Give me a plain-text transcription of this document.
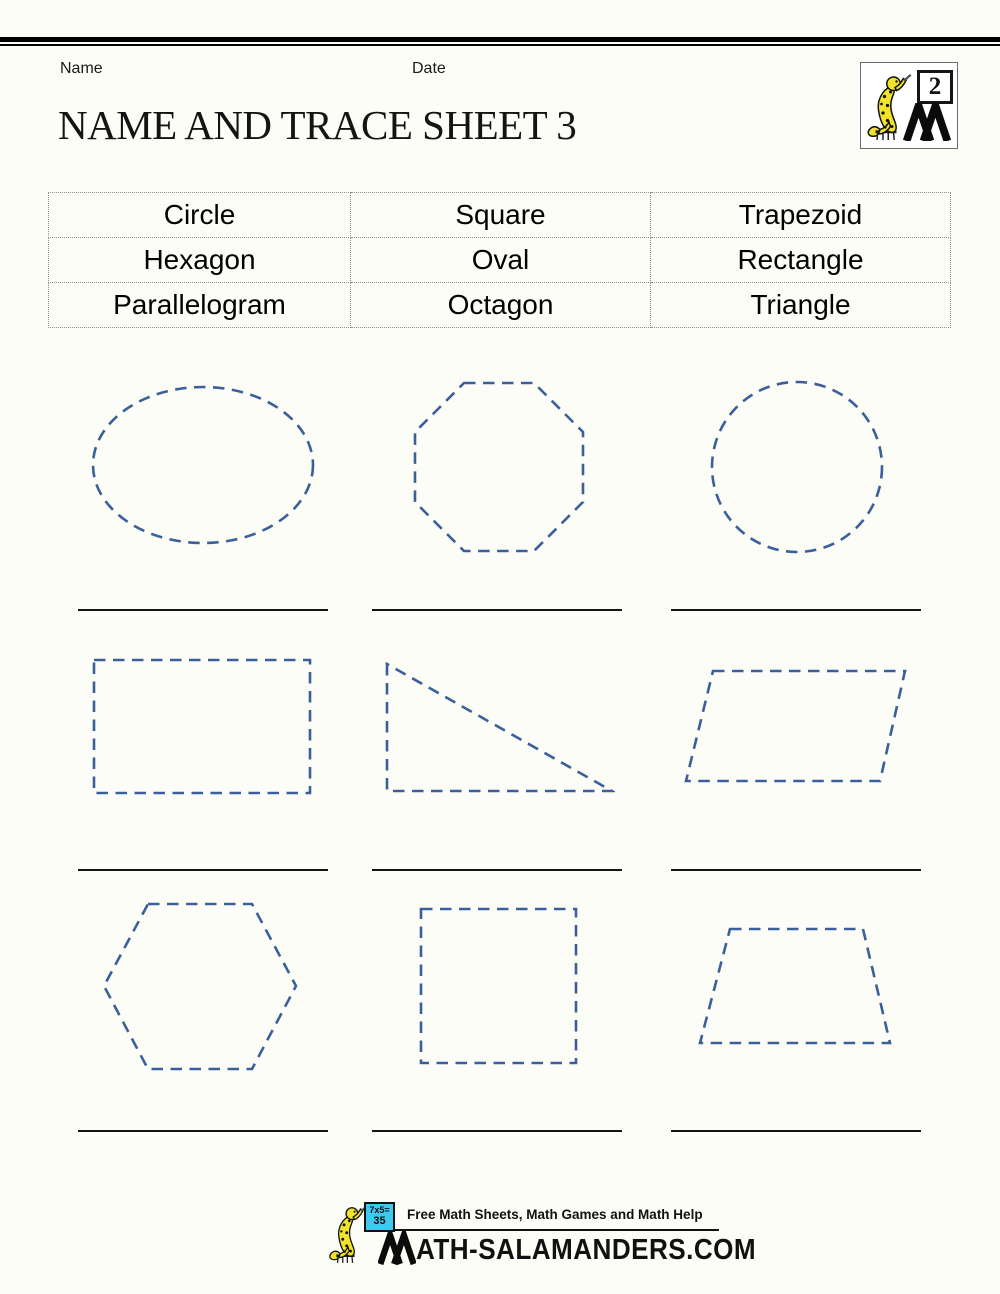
Name	Date
NAME AND TRACE SHEET 3
2
Circle	Square	Trapezoid
Hexagon	Oval	Rectangle
Parallelogram	Octagon	Triangle
7x5=
35	Free Math Sheets, Math Games and Math Help
ATH-SALAMANDERS.COM
